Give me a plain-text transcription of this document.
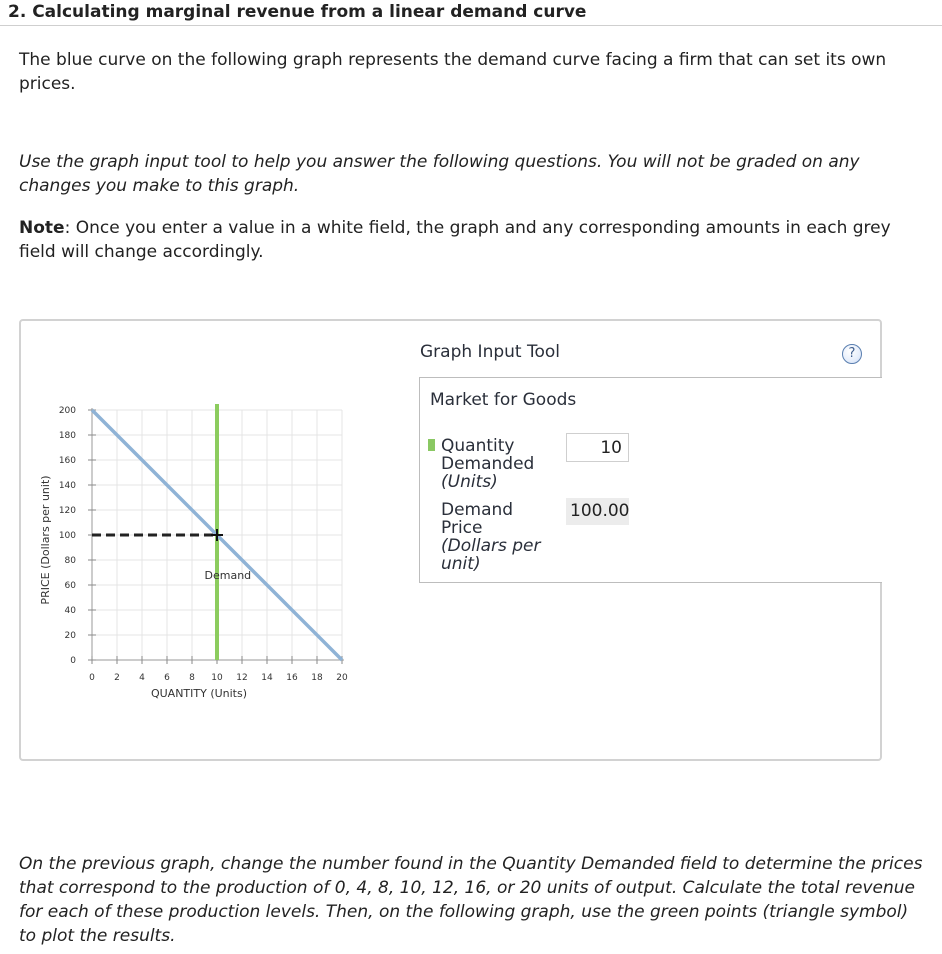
2. Calculating marginal revenue from a linear demand curve
The blue curve on the following graph represents the demand curve facing a firm that can set its own prices.
Use the graph input tool to help you answer the following questions. You will not be graded on any changes you make to this graph.
Note: Once you enter a value in a white field, the graph and any corresponding amounts in each grey field will change accordingly.
0
20
40
60
80
100
120
140
160
180
200
0 2 4 6 8 10 12 14 16 18 20
Demand
QUANTITY (Units)
PRICE (Dollars per unit)
Graph Input Tool	?
Market for Goods
Quantity
Demanded
(Units)
10
Demand
Price
(Dollars per
unit)
100.00
On the previous graph, change the number found in the Quantity Demanded field to determine the prices that correspond to the production of 0, 4, 8, 10, 12, 16, or 20 units of output. Calculate the total revenue for each of these production levels. Then, on the following graph, use the green points (triangle symbol) to plot the results.
